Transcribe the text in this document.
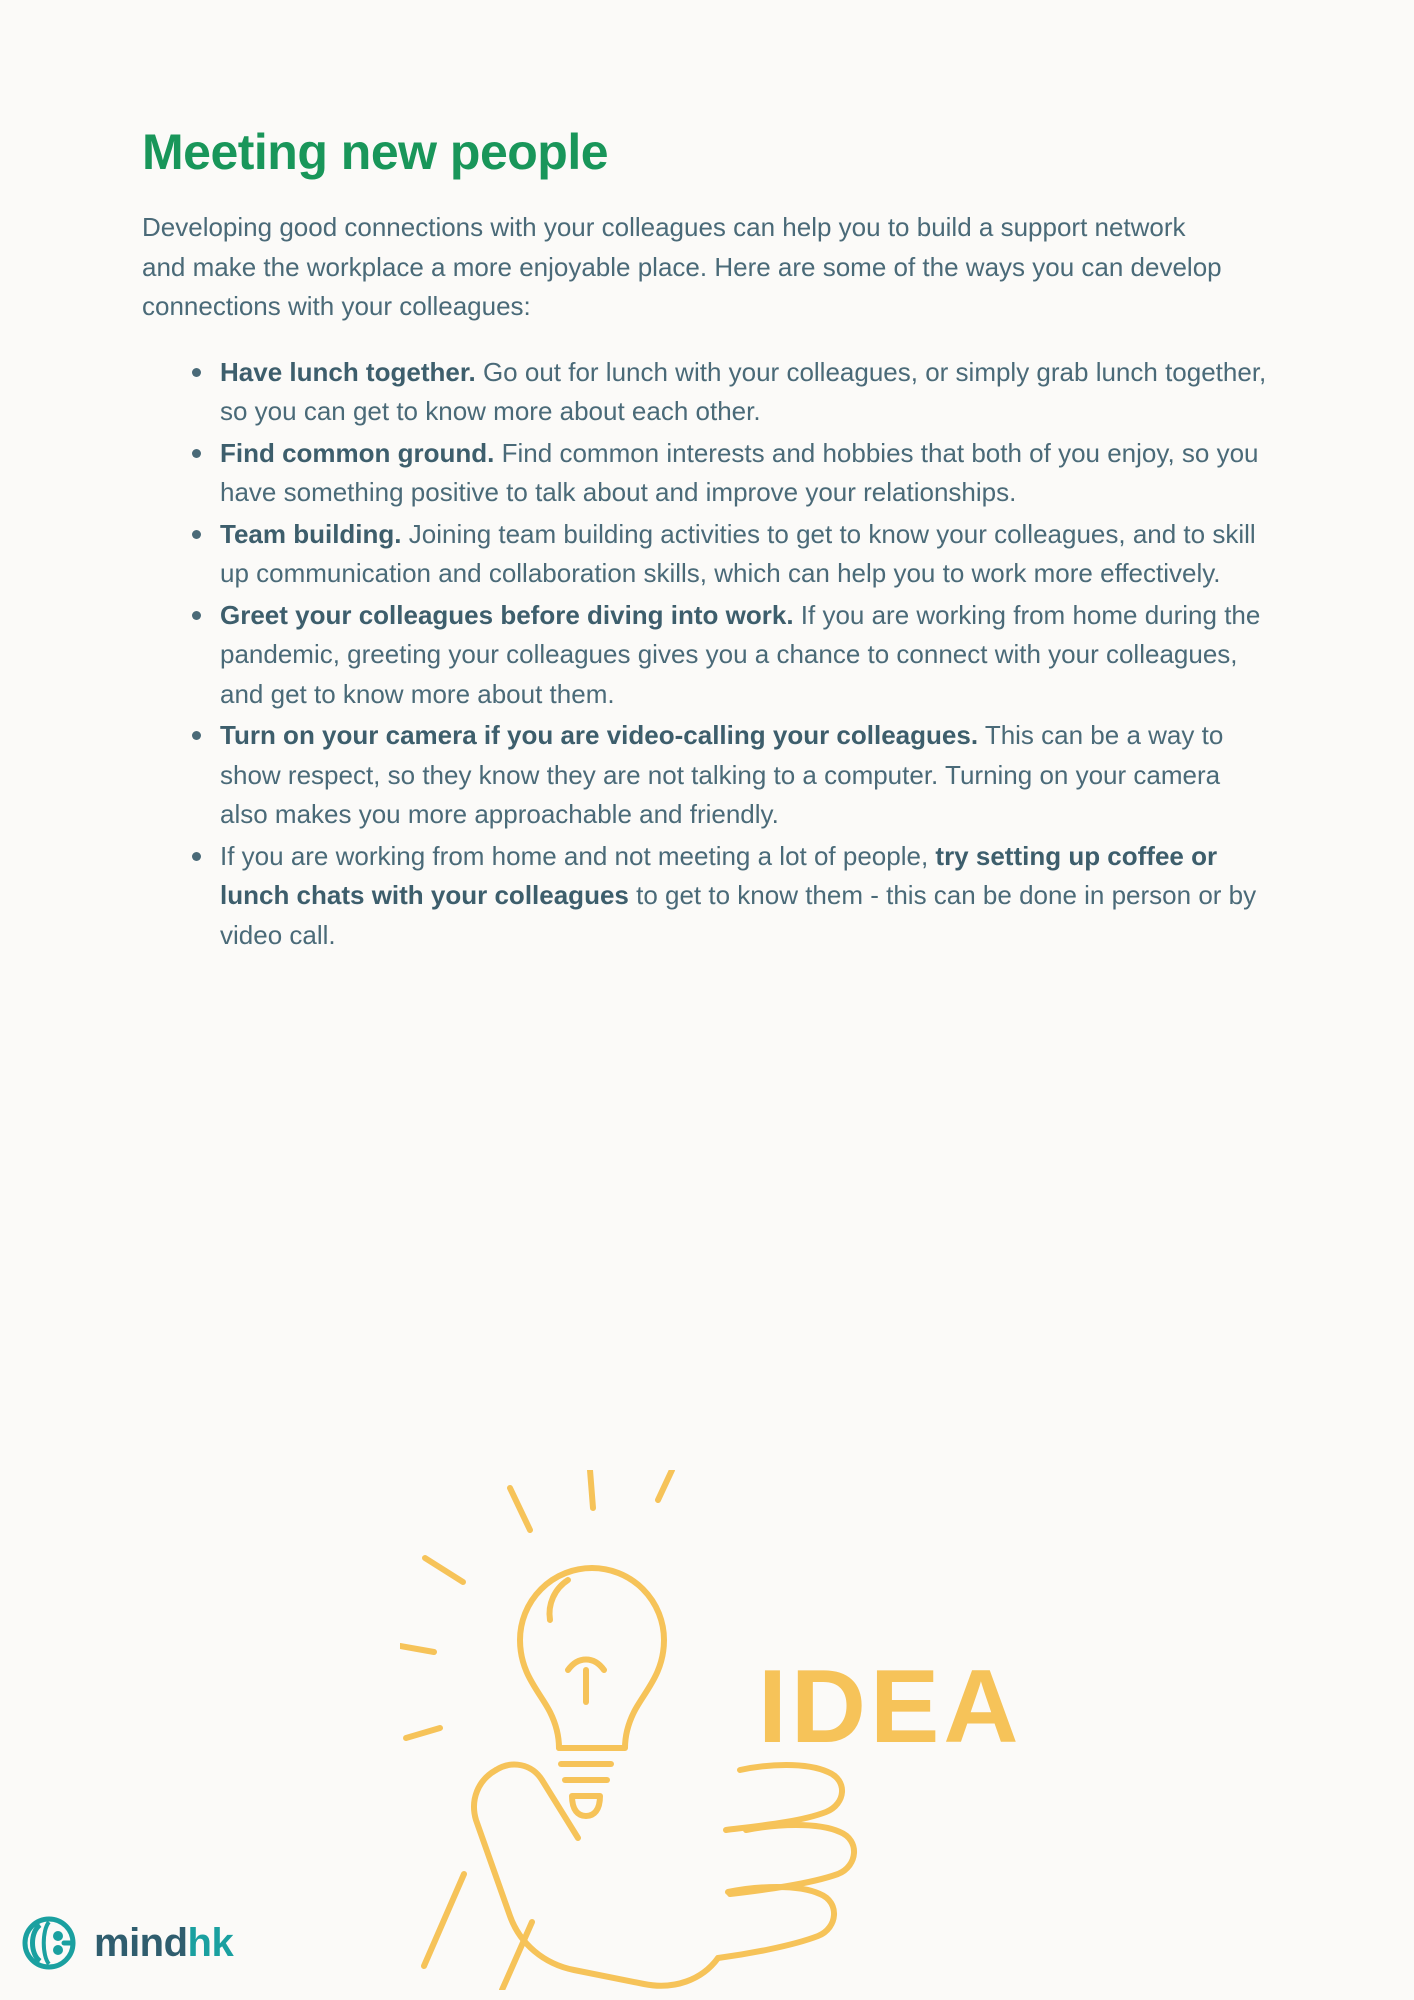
Meeting new people

Developing good connections with your colleagues can help you to build a support network and make the workplace a more enjoyable place. Here are some of the ways you can develop connections with your colleagues:

Have lunch together. Go out for lunch with your colleagues, or simply grab lunch together, so you can get to know more about each other.
Find common ground. Find common interests and hobbies that both of you enjoy, so you have something positive to talk about and improve your relationships.
Team building. Joining team building activities to get to know your colleagues, and to skill up communication and collaboration skills, which can help you to work more effectively.
Greet your colleagues before diving into work. If you are working from home during the pandemic, greeting your colleagues gives you a chance to connect with your colleagues, and get to know more about them.
Turn on your camera if you are video-calling your colleagues. This can be a way to show respect, so they know they are not talking to a computer. Turning on your camera also makes you more approachable and friendly.
If you are working from home and not meeting a lot of people, try setting up coffee or lunch chats with your colleagues to get to know them - this can be done in person or by video call.
IDEA
mindhk
